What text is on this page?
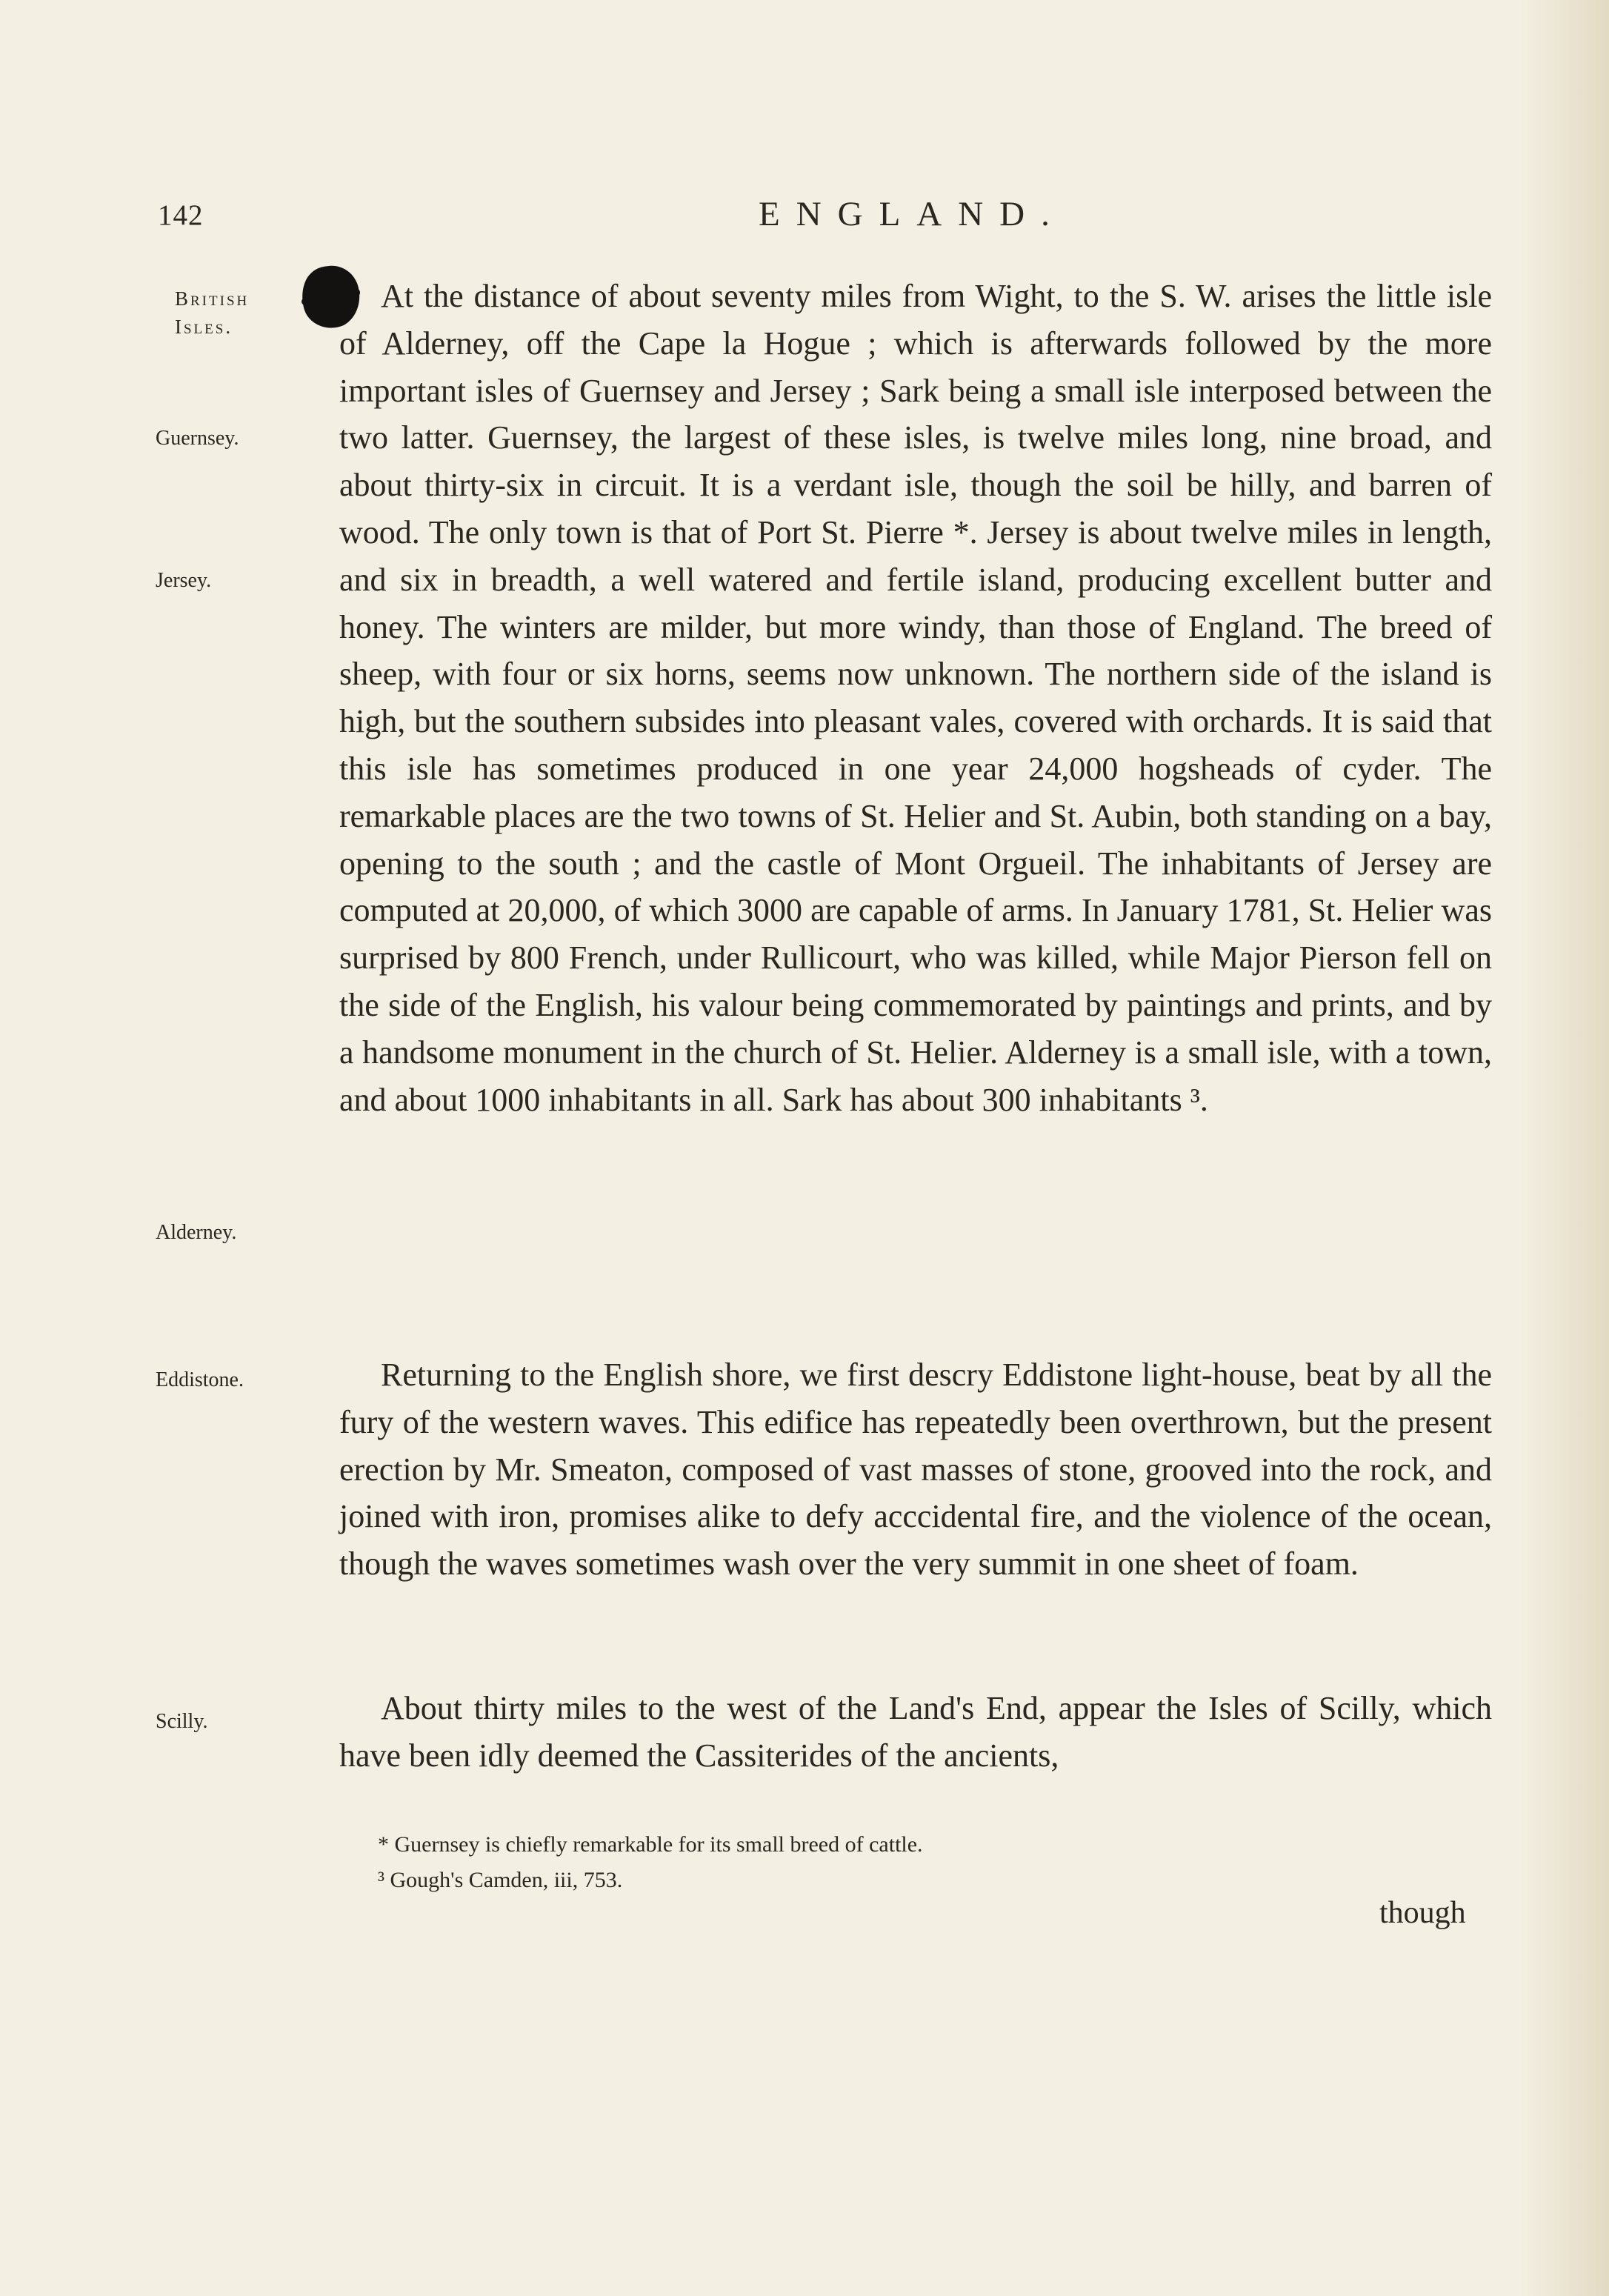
142	ENGLAND.
British Isles.
Guernsey.
Jersey.
Alderney.
Eddistone.
Scilly.

At the distance of about seventy miles from Wight, to the S. W. arises the little isle of Alderney, off the Cape la Hogue ; which is afterwards followed by the more important isles of Guernsey and Jersey ; Sark being a small isle interposed between the two latter. Guernsey, the largest of these isles, is twelve miles long, nine broad, and about thirty-six in circuit. It is a verdant isle, though the soil be hilly, and barren of wood. The only town is that of Port St. Pierre *. Jersey is about twelve miles in length, and six in breadth, a well watered and fertile island, producing excellent butter and honey. The winters are milder, but more windy, than those of England. The breed of sheep, with four or six horns, seems now unknown. The northern side of the island is high, but the southern subsides into pleasant vales, covered with orchards. It is said that this isle has sometimes produced in one year 24,000 hogsheads of cyder. The remarkable places are the two towns of St. Helier and St. Aubin, both standing on a bay, opening to the south ; and the castle of Mont Orgueil. The inhabitants of Jersey are computed at 20,000, of which 3000 are capable of arms. In January 1781, St. Helier was surprised by 800 French, under Rullicourt, who was killed, while Major Pierson fell on the side of the English, his valour being commemorated by paintings and prints, and by a handsome monument in the church of St. Helier. Alderney is a small isle, with a town, and about 1000 inhabitants in all. Sark has about 300 inhabitants ³.

Returning to the English shore, we first descry Eddistone light-house, beat by all the fury of the western waves. This edifice has repeatedly been overthrown, but the present erection by Mr. Smeaton, composed of vast masses of stone, grooved into the rock, and joined with iron, promises alike to defy acccidental fire, and the violence of the ocean, though the waves sometimes wash over the very summit in one sheet of foam.

About thirty miles to the west of the Land's End, appear the Isles of Scilly, which have been idly deemed the Cassiterides of the ancients,

* Guernsey is chiefly remarkable for its small breed of cattle.
³ Gough's Camden, iii, 753.
though
